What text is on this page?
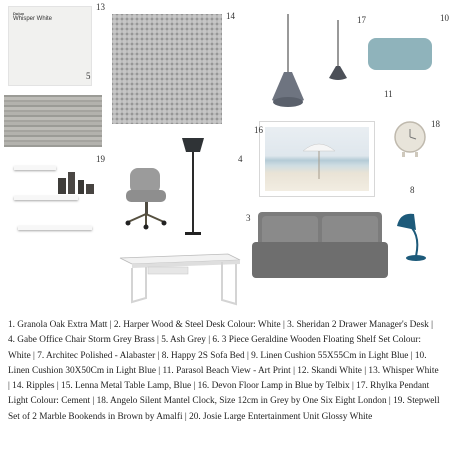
Dulux
Whisper White
13
5
14
19	4
17	10
11
16
18
8
3
1. Granola Oak Extra Matt | 2. Harper Wood & Steel Desk Colour: White | 3. Sheridan 2 Drawer Manager's Desk | 4. Gabe Office Chair Storm Grey Brass | 5. Ash Grey | 6. 3 Piece Geraldine Wooden Floating Shelf Set Colour: White | 7. Architec Polished - Alabaster | 8. Happy 2S Sofa Bed | 9. Linen Cushion 55X55Cm in Light Blue | 10. Linen Cushion 30X50Cm in Light Blue | 11. Parasol Beach View - Art Print | 12. Skandi White | 13. Whisper White | 14. Ripples | 15. Lenna Metal Table Lamp, Blue | 16. Devon Floor Lamp in Blue by Telbix | 17. Rhylka Pendant Light Colour: Cement | 18. Angelo Silent Mantel Clock, Size 12cm in Grey by One Six Eight London | 19. Stepwell Set of 2 Marble Bookends in Brown by Amalfi | 20. Josie Large Entertainment Unit Glossy White
